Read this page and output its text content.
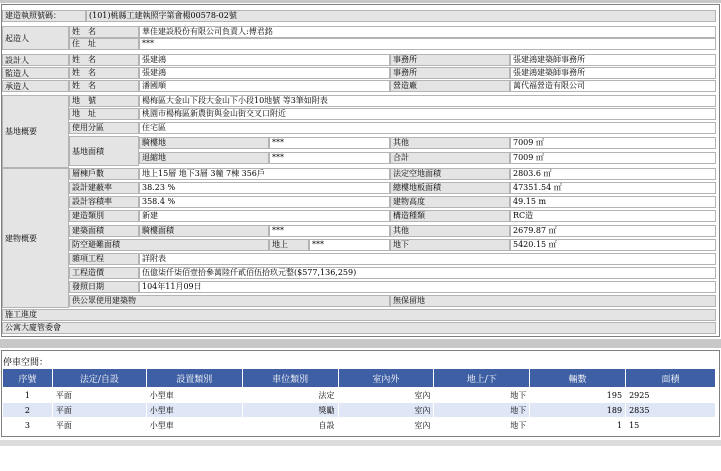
建造執照號碼：	(101)桃縣工建執照字第會楊00578-02號
起造人
姓　名	華佳建設股份有限公司負責人:傅君銘
住　址	***
設計人	姓　名	張建鴻	事務所	張建鴻建築師事務所
監造人	姓　名	張建鴻	事務所	張建鴻建築師事務所
承造人	姓　名	潘國順	營造廠	萬代福營造有限公司
基地概要
地　號	楊梅區大金山下段大金山下小段10地號 等3筆如附表
地　址	桃園市楊梅區新農街與金山街交叉口附近
使用分區	住宅區
基地面積
騎樓地	***	其他	7009 ㎡
退縮地	***	合計	7009 ㎡
建物概要
層棟戶數	地上15層 地下3層 3幢 7棟 356戶	法定空地面積	2803.6 ㎡
設計建蔽率	38.23 %	總樓地板面積	47351.54 ㎡
設計容積率	358.4 %	建物高度	49.15 m
建造類別	新建	構造種類	RC造
建築面積	騎樓面積	***	其他	2679.87 ㎡
防空避難面積	地上	***	地下	5420.15 ㎡
雜項工程	詳附表
工程造價	伍億柒仟柒佰壹拾參萬陸仟貳佰伍拾玖元整($577,136,259)
發照日期	104年11月09日
供公眾使用建築物	無保留地
施工進度
公寓大廈管委會
停車空間：
序號	法定/自設	設置類別	車位類別	室內外	地上/下	輛數	面積
1	平面	小型車	法定	室內	地下	195	2925
2	平面	小型車	獎勵	室內	地下	189	2835
3	平面	小型車	自設	室內	地下	1	15
